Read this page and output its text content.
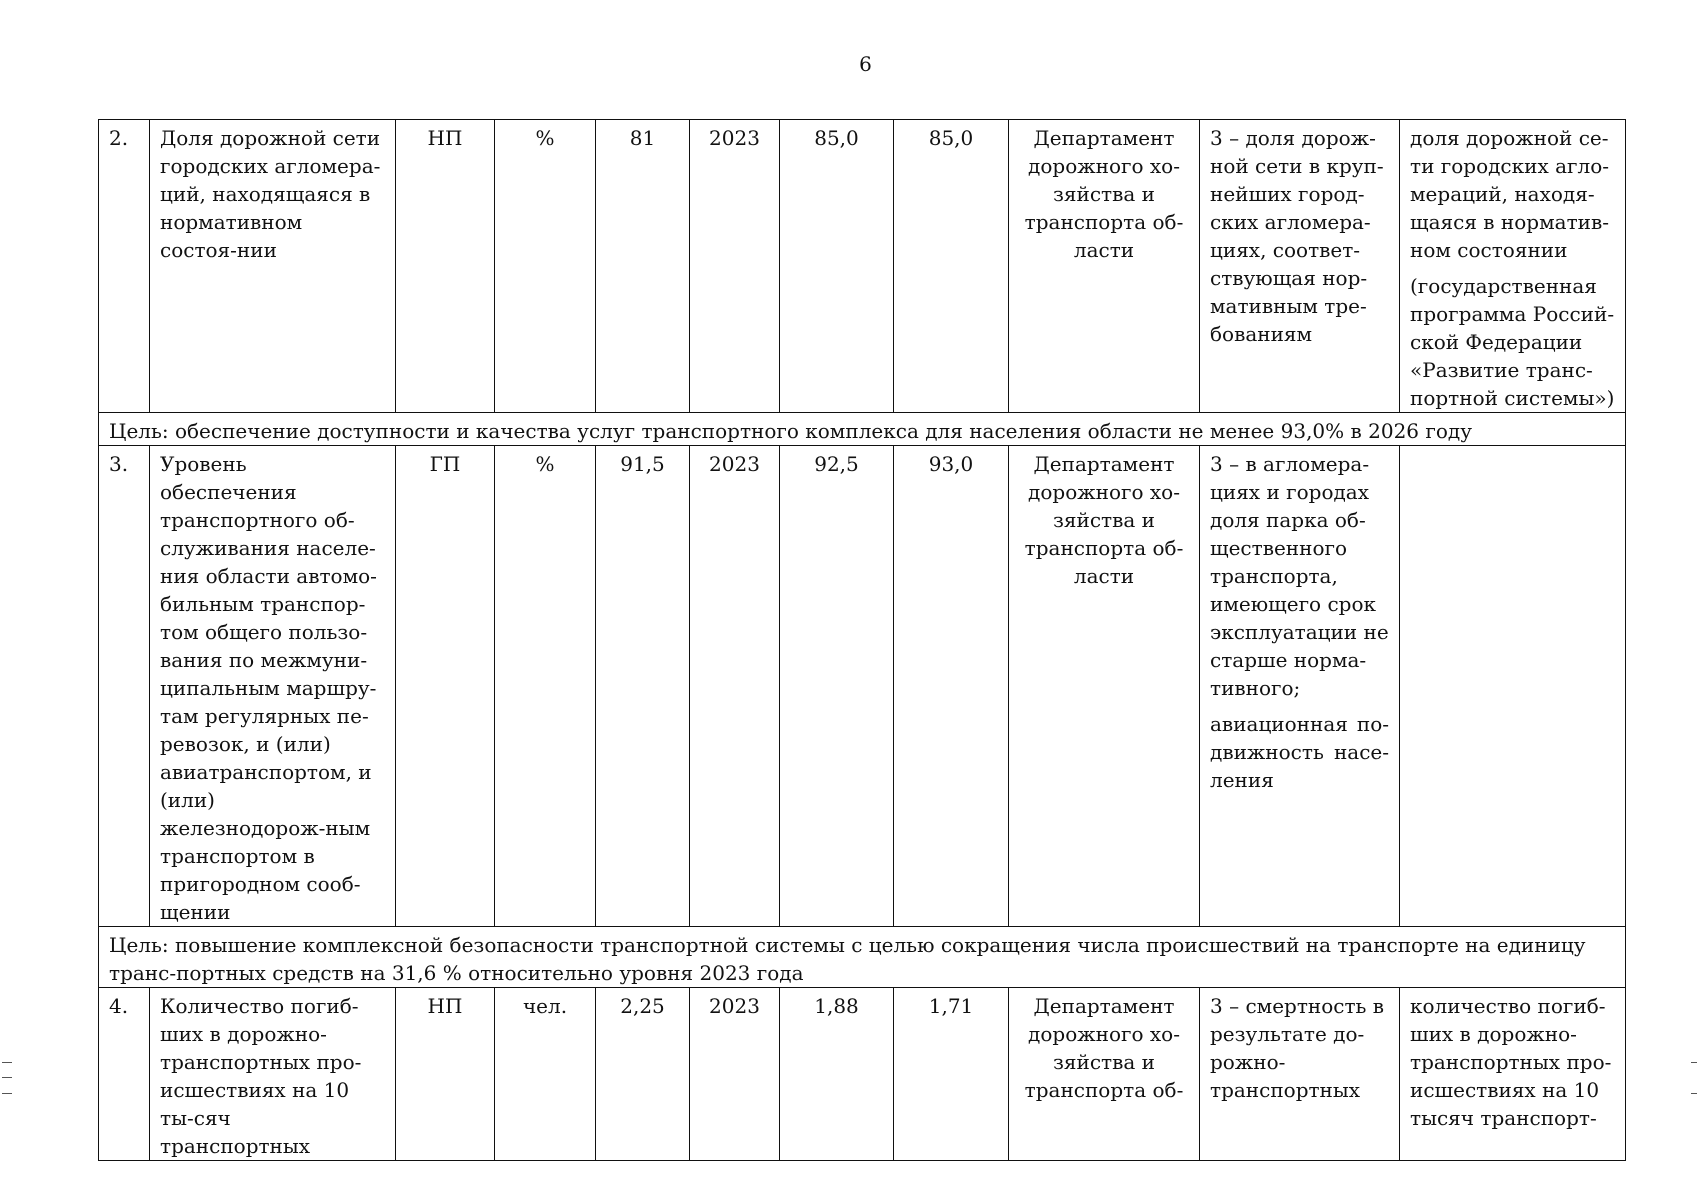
6
2.	Доля дорожной сети городских агломера-ций, находящаяся в нормативном состоя-нии	НП	%	81	2023	85,0	85,0	Департамент дорожного хо-зяйства и транспорта об-ласти	3 – доля дорож-ной сети в круп-нейших город-ских агломера-циях, соответ-ствующая нор-мативным тре-бованиям	доля дорожной се-ти городских агло-мераций, находя-щаяся в норматив-ном состоянии
(государственная программа Россий-ской Федерации «Развитие транс-портной системы»)

Цель: обеспечение доступности и качества услуг транспортного комплекса для населения области не менее 93,0% в 2026 году										
3.	Уровень обеспечения транспортного об-служивания населе-ния области автомо-бильным транспор-том общего пользо-вания по межмуни-ципальным маршру-там регулярных пе-ревозок, и (или) авиатранспортом, и (или) железнодорож-ным транспортом в пригородном сооб-щении	ГП	%	91,5	2023	92,5	93,0	Департамент дорожного хо-зяйства и транспорта об-ласти	3 – в агломера-циях и городах доля парка об-щественного транспорта, имеющего срок эксплуатации не старше норма-тивного;
авиационная по-движность насе-ления	

Цель: повышение комплексной безопасности транспортной системы с целью сокращения числа происшествий на транспорте на единицу транс-портных средств на 31,6 % относительно уровня 2023 года										
4.	Количество погиб-ших в дорожно-транспортных про-исшествиях на 10 ты-сяч транспортных	НП	чел.	2,25	2023	1,88	1,71	Департамент дорожного хо-зяйства и транспорта об-	3 – смертность в результате до-рожно-транспортных	количество погиб-ших в дорожно-транспортных про-исшествиях на 10 тысяч транспорт-
